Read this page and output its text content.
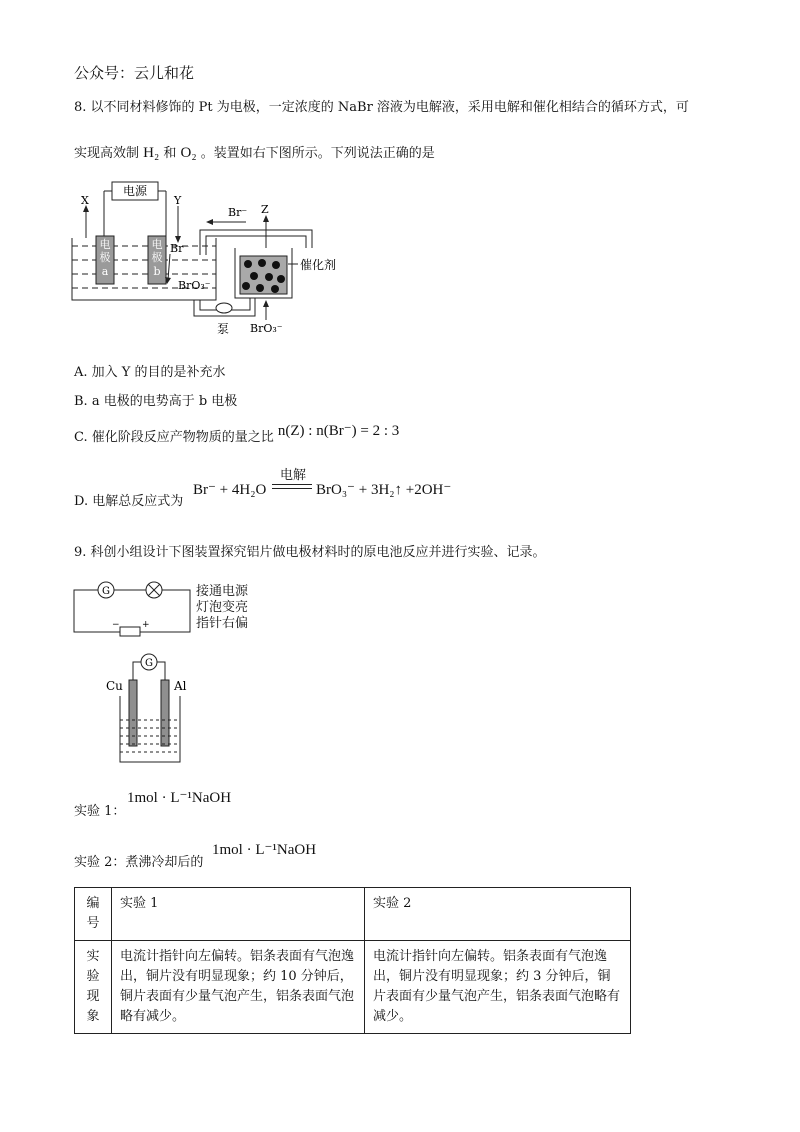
公众号：云儿和花
8. 以不同材料修饰的 Pt 为电极，一定浓度的 NaBr 溶液为电解液，采用电解和催化相结合的循环方式，可
实现高效制 H₂ 和 O₂ 。装置如右下图所示。下列说法正确的是
电源
X	Y
电
极
a
电
极
b
Br⁻
BrO₃⁻
Br⁻
催化剂
Z
泵 BrO₃⁻
A. 加入 Y 的目的是补充水
B. a 电极的电势高于 b 电极
C. 催化阶段反应产物物质的量之比 n(Z) : n(Br⁻) = 2 : 3
D. 电解总反应式为
Br⁻ + 4H₂O
电解
BrO₃⁻ + 3H₂↑ +2OH⁻
9. 科创小组设计下图装置探究铝片做电极材料时的原电池反应并进行实验、记录。
G
− +
接通电源
灯泡变亮
指针右偏
G
Cu	Al
实验 1：
1mol · L⁻¹NaOH
实验 2：煮沸冷却后的
1mol · L⁻¹NaOH
编
号	实验 1	实验 2
实
验
现
象	电流计指针向左偏转。铝条表面有气泡逸出，铜片没有明显现象；约 10 分钟后，铜片表面有少量气泡产生，铝条表面气泡略有减少。	电流计指针向左偏转。铝条表面有气泡逸出，铜片没有明显现象；约 3 分钟后，铜片表面有少量气泡产生，铝条表面气泡略有减少。
